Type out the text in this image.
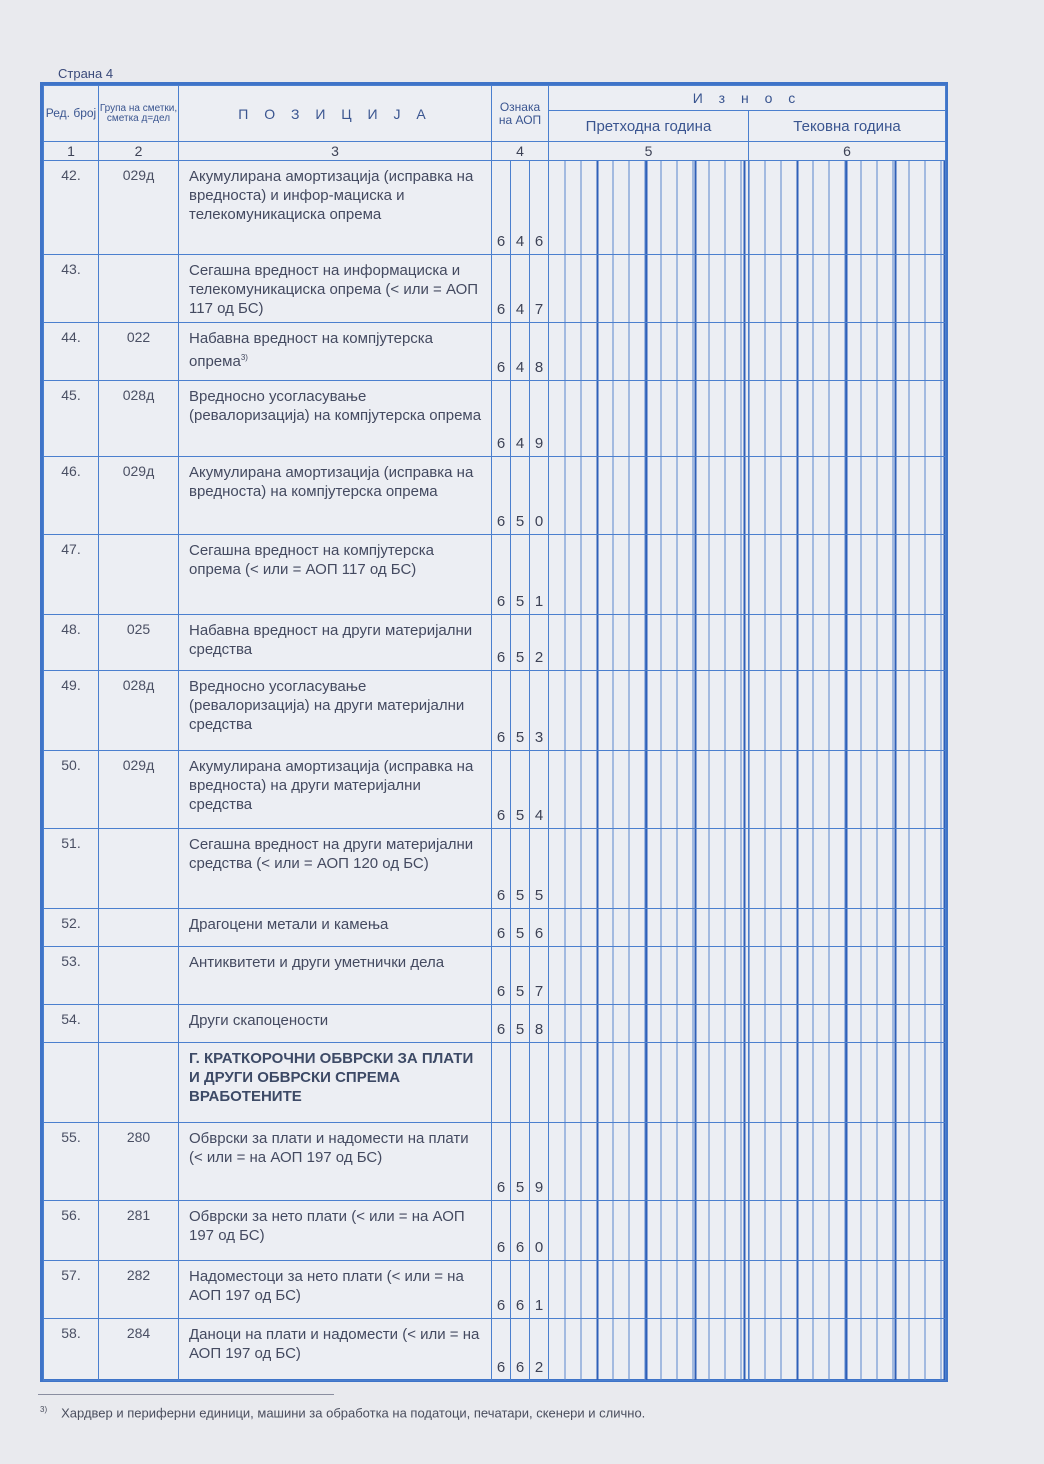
Страна 4
Ред. број	Група на сметки, сметка д=дел	П О З И Ц И Ј А	Ознака на АОП	И з н о с	
				Претходна година	Тековна година
1	2	3	4	5	6
42.	029д	Акумулирана амортизација (исправка на вредноста) и инфор-мациска и телекомуникациска опрема	6 4 6		

43.		Сегашна вредност на информациска и телекомуникациска опрема (< или = АОП 117 од БС)	6 4 7		

44.	022	Набавна вредност на компјутерска опрема$^{3)}$	6 4 8		

45.	028д	Вредносно усогласување (ревалоризација) на компјутерска опрема	6 4 9		

46.	029д	Акумулирана амортизација (исправка на вредноста) на компјутерска опрема	6 5 0		

47.		Сегашна вредност на компјутерска опрема (< или = АОП 117 од БС)	6 5 1		

48.	025	Набавна вредност на други материјални средства	6 5 2		

49.	028д	Вредносно усогласување (ревалоризација) на други материјални средства	6 5 3		

50.	029д	Акумулирана амортизација (исправка на вредноста) на други материјални средства	6 5 4		

51.		Сегашна вредност на други материјални средства (< или = АОП 120 од БС)	6 5 5		

52.		Драгоцени метали и камења	6 5 6		

53.		Антиквитети и други уметнички дела	6 5 7		

54.		Други скапоцености	6 5 8		

		Г. КРАТКОРОЧНИ ОБВРСКИ ЗА ПЛАТИ И ДРУГИ ОБВРСКИ СПРЕМА ВРАБОТЕНИТЕ	

55.	280	Обврски за плати и надомести на плати (< или = на АОП 197 од БС)	6 5 9		

56.	281	Обврски за нето плати (< или = на АОП 197 од БС)	6 6 0		

57.	282	Надоместоци за нето плати (< или = на АОП 197 од БС)	6 6 1		

58.	284	Даноци на плати и надомести (< или = на АОП 197 од БС)	6 6 2		

$^{3)}$ Хардвер и периферни единици, машини за обработка на податоци, печатари, скенери и слично.
